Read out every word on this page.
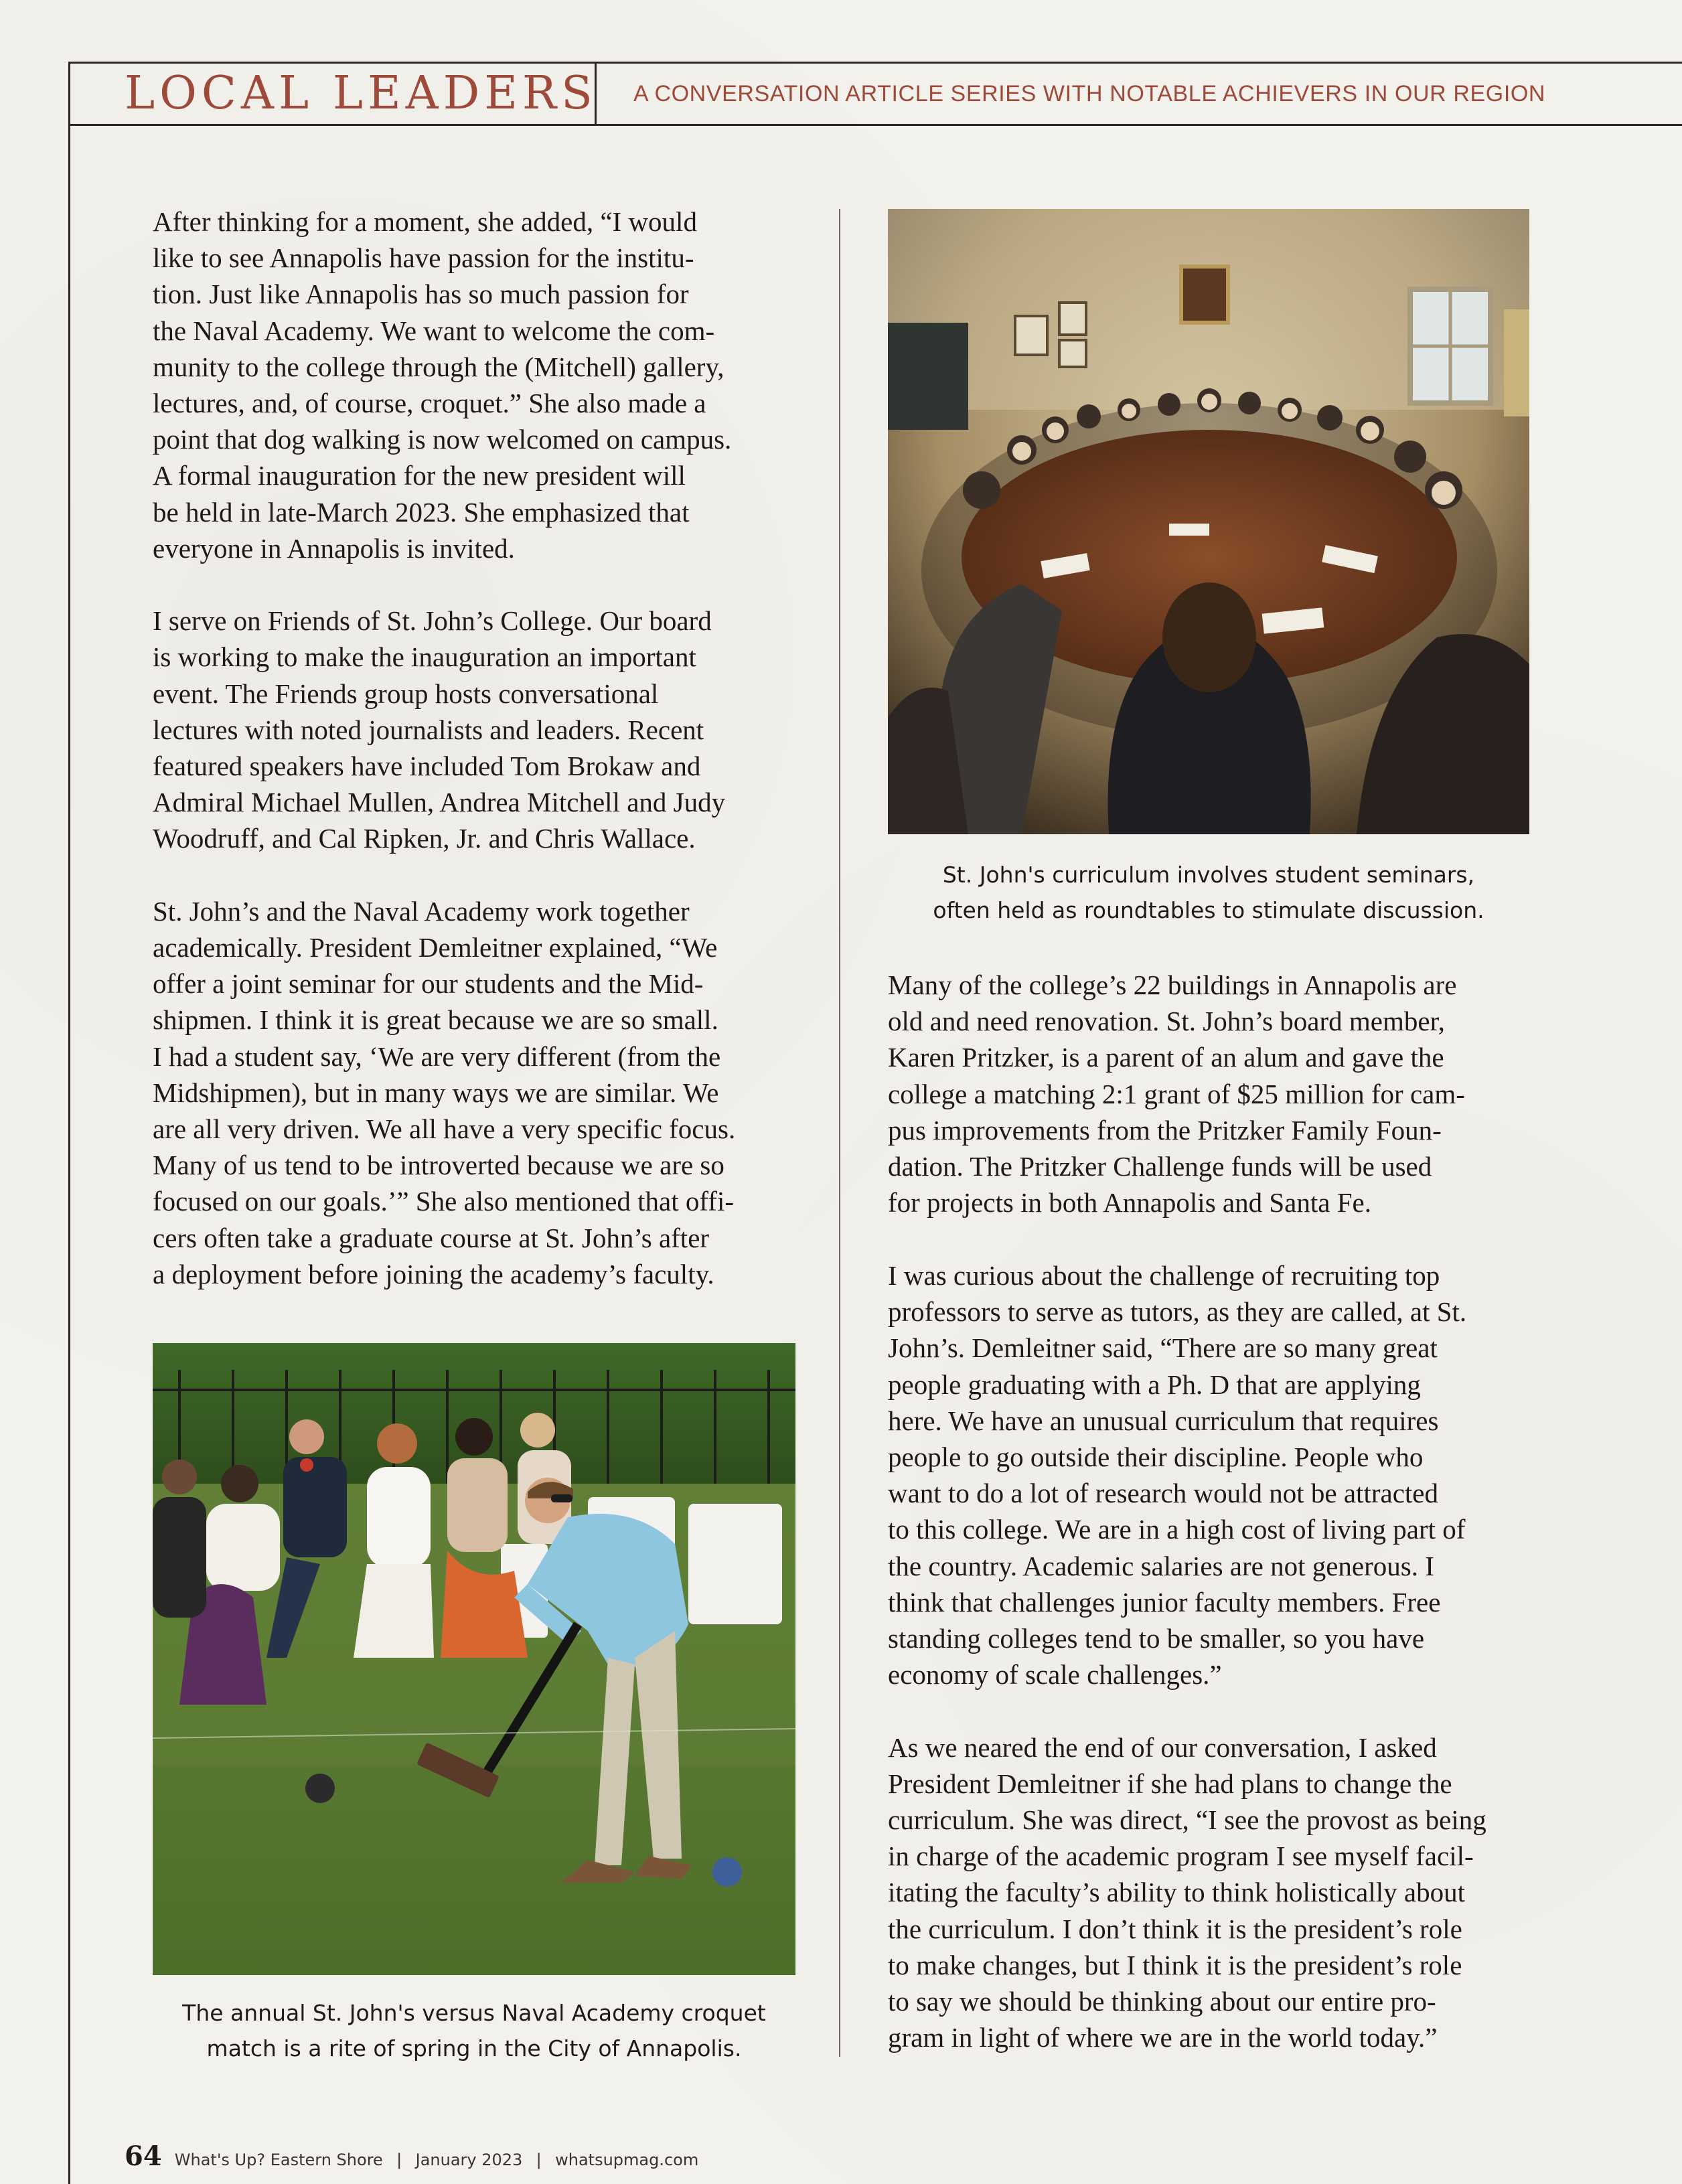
LOCAL LEADERS A CONVERSATION ARTICLE SERIES WITH NOTABLE ACHIEVERS IN OUR REGION

After thinking for a moment, she added, “I would
like to see Annapolis have passion for the institu-
tion. Just like Annapolis has so much passion for
the Naval Academy. We want to welcome the com-
munity to the college through the (Mitchell) gallery,
lectures, and, of course, croquet.” She also made a
point that dog walking is now welcomed on campus.
A formal inauguration for the new president will
be held in late-March 2023. She emphasized that
everyone in Annapolis is invited.

I serve on Friends of St. John’s College. Our board
is working to make the inauguration an important
event. The Friends group hosts conversational
lectures with noted journalists and leaders. Recent
featured speakers have included Tom Brokaw and
Admiral Michael Mullen, Andrea Mitchell and Judy
Woodruff, and Cal Ripken, Jr. and Chris Wallace.

St. John’s and the Naval Academy work together
academically. President Demleitner explained, “We
offer a joint seminar for our students and the Mid-
shipmen. I think it is great because we are so small.
I had a student say, ‘We are very different (from the
Midshipmen), but in many ways we are similar. We
are all very driven. We all have a very specific focus.
Many of us tend to be introverted because we are so
focused on our goals.’” She also mentioned that offi-
cers often take a graduate course at St. John’s after
a deployment before joining the academy’s faculty.

St. John's curriculum involves student seminars,
often held as roundtables to stimulate discussion.

Many of the college’s 22 buildings in Annapolis are
old and need renovation. St. John’s board member,
Karen Pritzker, is a parent of an alum and gave the
college a matching 2:1 grant of $25 million for cam-
pus improvements from the Pritzker Family Foun-
dation. The Pritzker Challenge funds will be used
for projects in both Annapolis and Santa Fe.

I was curious about the challenge of recruiting top
professors to serve as tutors, as they are called, at St.
John’s. Demleitner said, “There are so many great
people graduating with a Ph. D that are applying
here. We have an unusual curriculum that requires
people to go outside their discipline. People who
want to do a lot of research would not be attracted
to this college. We are in a high cost of living part of
the country. Academic salaries are not generous. I
think that challenges junior faculty members. Free
standing colleges tend to be smaller, so you have
economy of scale challenges.”

As we neared the end of our conversation, I asked
President Demleitner if she had plans to change the
curriculum. She was direct, “I see the provost as being
in charge of the academic program I see myself facil-
itating the faculty’s ability to think holistically about
the curriculum. I don’t think it is the president’s role
to make changes, but I think it is the president’s role
to say we should be thinking about our entire pro-
gram in light of where we are in the world today.”

The annual St. John's versus Naval Academy croquet
match is a rite of spring in the City of Annapolis.
64 What's Up? Eastern Shore | January 2023 | whatsupmag.com
